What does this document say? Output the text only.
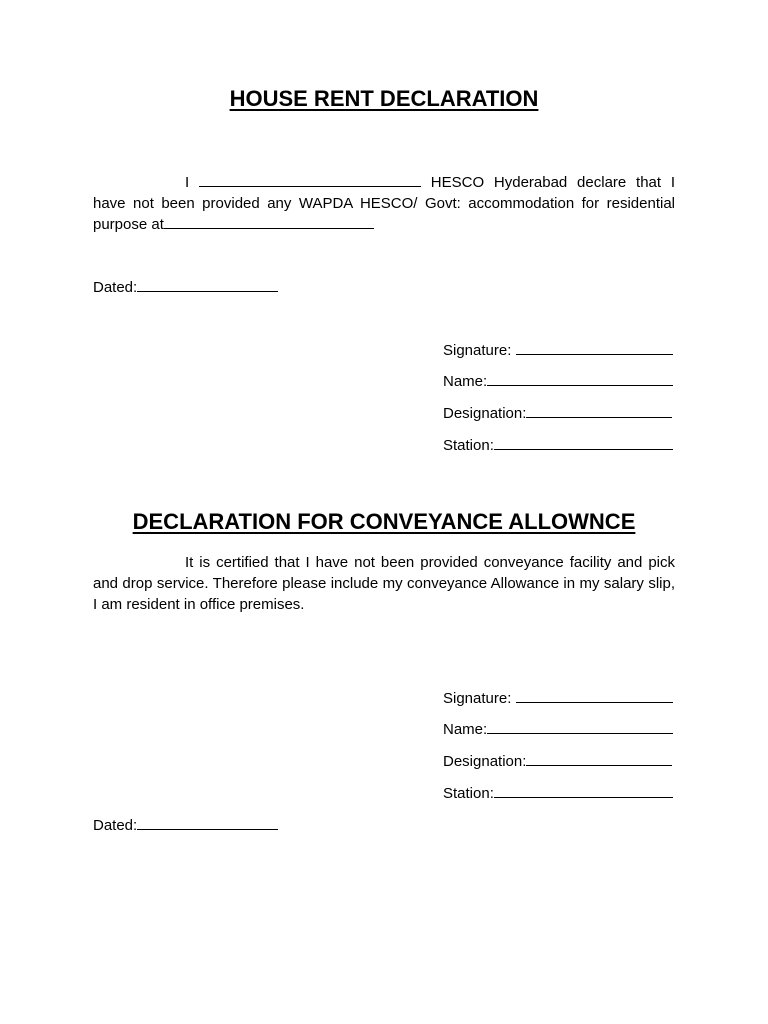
HOUSE RENT DECLARATION
I	HESCO Hyderabad declare that I have not been provided any WAPDA HESCO/ Govt: accommodation for residential purpose at
Dated:
Signature:
Name:
Designation:
Station:
DECLARATION FOR CONVEYANCE ALLOWNCE
It is certified that I have not been provided conveyance facility and pick and drop service. Therefore please include my conveyance Allowance in my salary slip, I am resident in office premises.
Signature:
Name:
Designation:
Station:
Dated:
